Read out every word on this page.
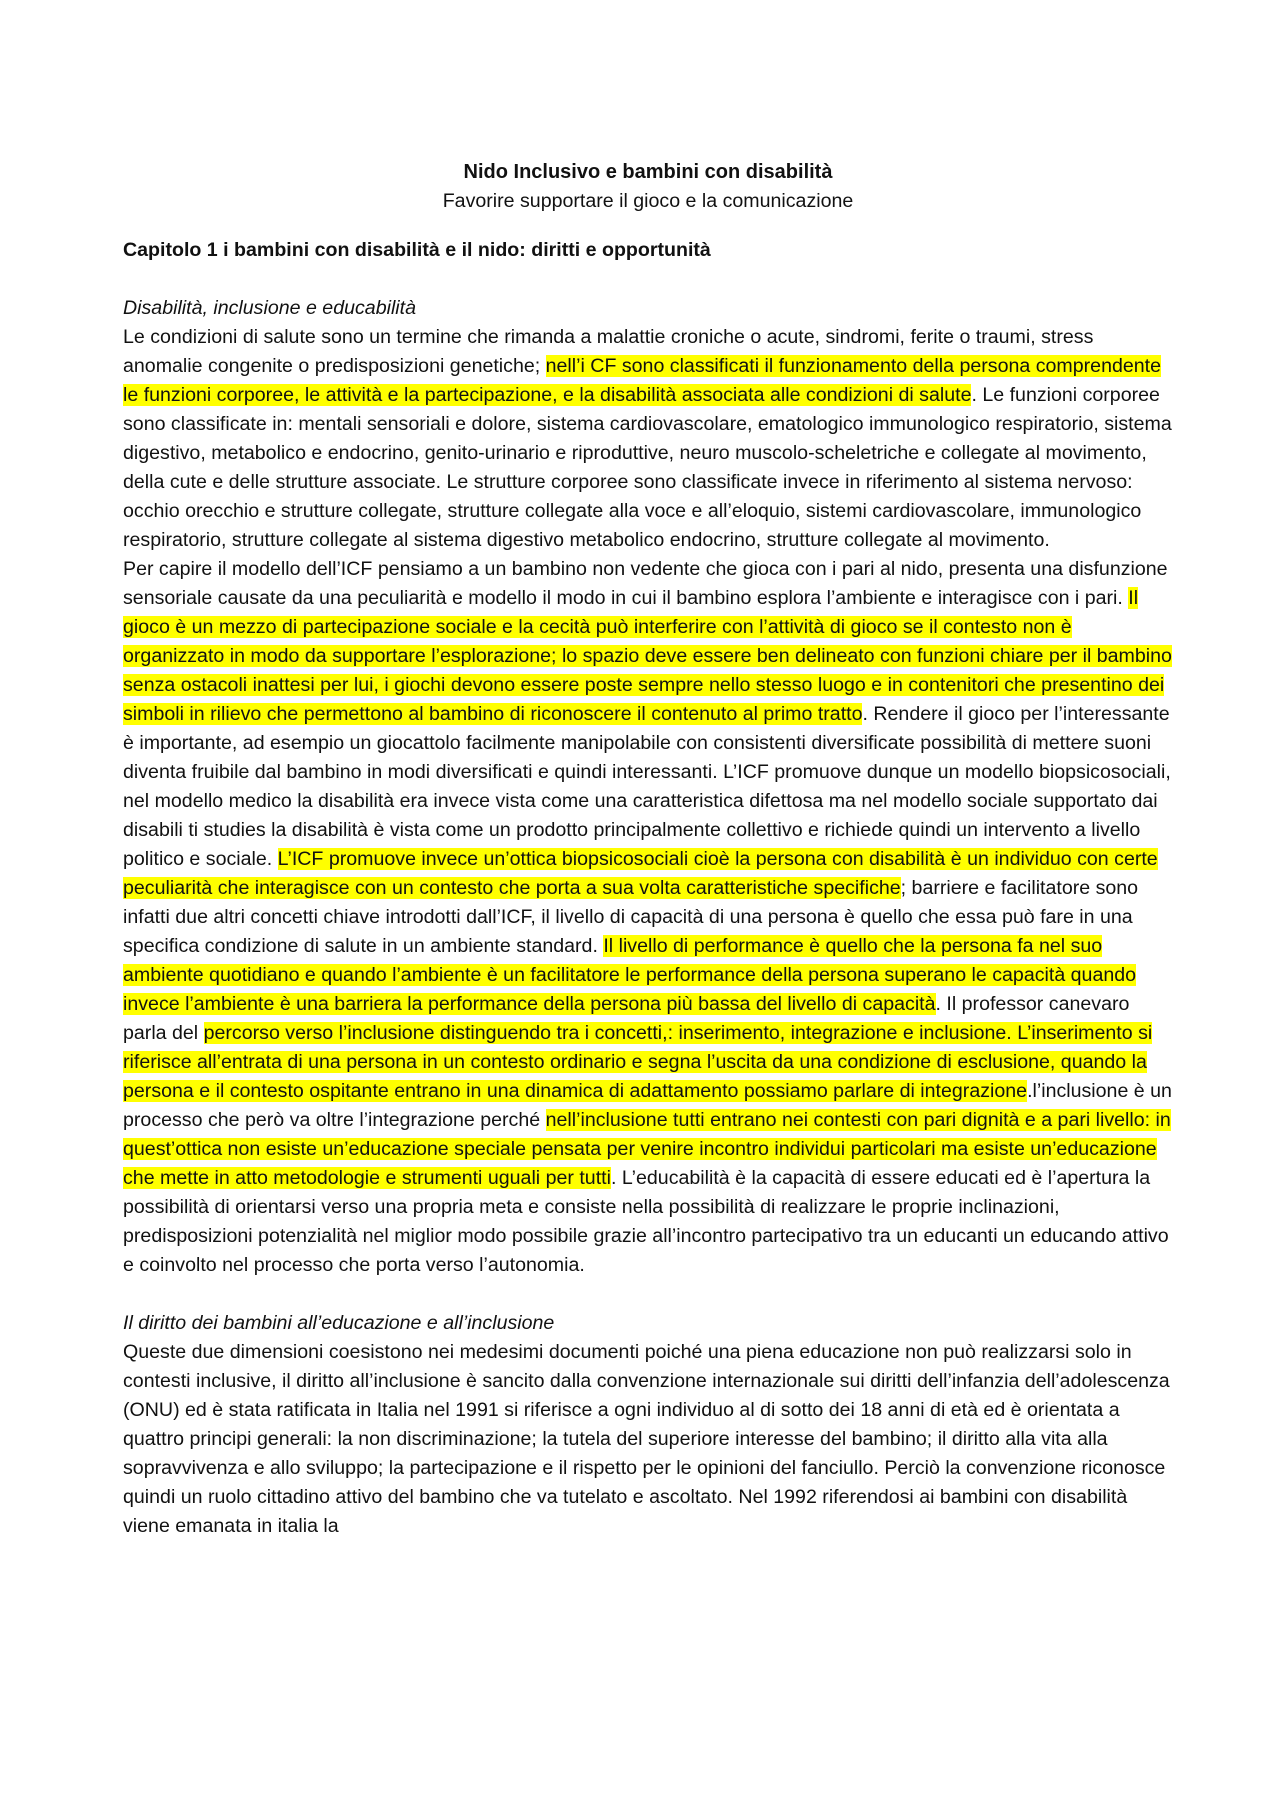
Nido Inclusivo e bambini con disabilità
Favorire supportare il gioco e la comunicazione
Capitolo 1 i bambini con disabilità e il nido: diritti e opportunità
Disabilità, inclusione e educabilità

Le condizioni di salute sono un termine che rimanda a malattie croniche o acute, sindromi, ferite o traumi, stress anomalie congenite o predisposizioni genetiche; nell’i CF sono classificati il funzionamento della persona comprendente le funzioni corporee, le attività e la partecipazione, e la disabilità associata alle condizioni di salute. Le funzioni corporee sono classificate in: mentali sensoriali e dolore, sistema cardiovascolare, ematologico immunologico respiratorio, sistema digestivo, metabolico e endocrino, genito-urinario e riproduttive, neuro muscolo-scheletriche e collegate al movimento, della cute e delle strutture associate. Le strutture corporee sono classificate invece in riferimento al sistema nervoso: occhio orecchio e strutture collegate, strutture collegate alla voce e all’eloquio, sistemi cardiovascolare, immunologico respiratorio, strutture collegate al sistema digestivo metabolico endocrino, strutture collegate al movimento.

Per capire il modello dell’ICF pensiamo a un bambino non vedente che gioca con i pari al nido, presenta una disfunzione sensoriale causate da una peculiarità e modello il modo in cui il bambino esplora l’ambiente e interagisce con i pari. Il gioco è un mezzo di partecipazione sociale e la cecità può interferire con l’attività di gioco se il contesto non è organizzato in modo da supportare l’esplorazione; lo spazio deve essere ben delineato con funzioni chiare per il bambino senza ostacoli inattesi per lui, i giochi devono essere poste sempre nello stesso luogo e in contenitori che presentino dei simboli in rilievo che permettono al bambino di riconoscere il contenuto al primo tratto. Rendere il gioco per l’interessante è importante, ad esempio un giocattolo facilmente manipolabile con consistenti diversificate possibilità di mettere suoni diventa fruibile dal bambino in modi diversificati e quindi interessanti. L’ICF promuove dunque un modello biopsicosociali, nel modello medico la disabilità era invece vista come una caratteristica difettosa ma nel modello sociale supportato dai disabili ti studies la disabilità è vista come un prodotto principalmente collettivo e richiede quindi un intervento a livello politico e sociale. L’ICF promuove invece un’ottica biopsicosociali cioè la persona con disabilità è un individuo con certe peculiarità che interagisce con un contesto che porta a sua volta caratteristiche specifiche; barriere e facilitatore sono infatti due altri concetti chiave introdotti dall’ICF, il livello di capacità di una persona è quello che essa può fare in una specifica condizione di salute in un ambiente standard. Il livello di performance è quello che la persona fa nel suo ambiente quotidiano e quando l’ambiente è un facilitatore le performance della persona superano le capacità quando invece l’ambiente è una barriera la performance della persona più bassa del livello di capacità. Il professor canevaro parla del percorso verso l’inclusione distinguendo tra i concetti,: inserimento, integrazione e inclusione. L’inserimento si riferisce all’entrata di una persona in un contesto ordinario e segna l’uscita da una condizione di esclusione, quando la persona e il contesto ospitante entrano in una dinamica di adattamento possiamo parlare di integrazione.l’inclusione è un processo che però va oltre l’integrazione perché nell’inclusione tutti entrano nei contesti con pari dignità e a pari livello: in quest’ottica non esiste un’educazione speciale pensata per venire incontro individui particolari ma esiste un’educazione che mette in atto metodologie e strumenti uguali per tutti. L’educabilità è la capacità di essere educati ed è l’apertura la possibilità di orientarsi verso una propria meta e consiste nella possibilità di realizzare le proprie inclinazioni, predisposizioni potenzialità nel miglior modo possibile grazie all’incontro partecipativo tra un educanti un educando attivo e coinvolto nel processo che porta verso l’autonomia.

Il diritto dei bambini all’educazione e all’inclusione

Queste due dimensioni coesistono nei medesimi documenti poiché una piena educazione non può realizzarsi solo in contesti inclusive, il diritto all’inclusione è sancito dalla convenzione internazionale sui diritti dell’infanzia dell’adolescenza (ONU) ed è stata ratificata in Italia nel 1991 si riferisce a ogni individuo al di sotto dei 18 anni di età ed è orientata a quattro principi generali: la non discriminazione; la tutela del superiore interesse del bambino; il diritto alla vita alla sopravvivenza e allo sviluppo; la partecipazione e il rispetto per le opinioni del fanciullo. Perciò la convenzione riconosce quindi un ruolo cittadino attivo del bambino che va tutelato e ascoltato. Nel 1992 riferendosi ai bambini con disabilità viene emanata in italia la
